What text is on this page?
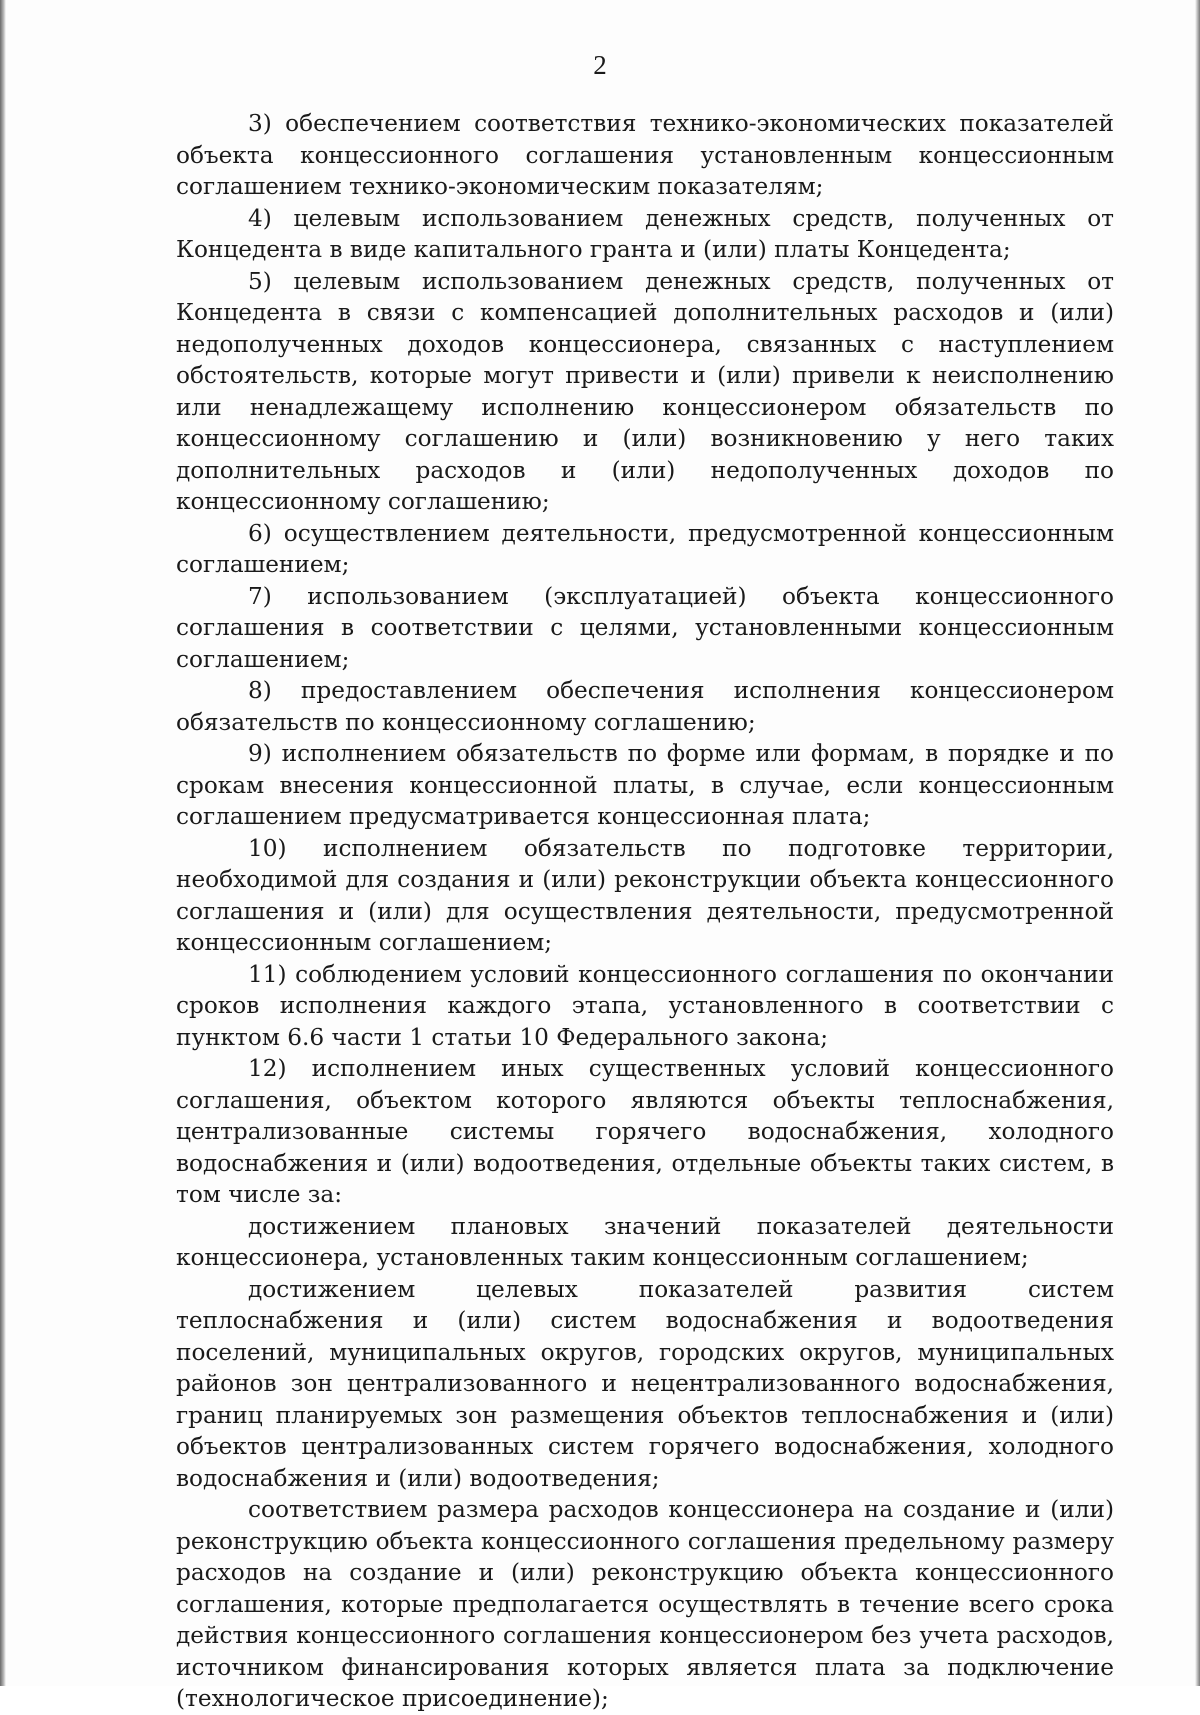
2

3) обеспечением соответствия технико-экономических показателей объекта концессионного соглашения установленным концессионным соглашением технико-экономическим показателям;

4) целевым использованием денежных средств, полученных от Концедента в виде капитального гранта и (или) платы Концедента;

5) целевым использованием денежных средств, полученных от Концедента в связи с компенсацией дополнительных расходов и (или) недополученных доходов концессионера, связанных с наступлением обстоятельств, которые могут привести и (или) привели к неисполнению или ненадлежащему исполнению концессионером обязательств по концессионному соглашению и (или) возникновению у него таких дополнительных расходов и (или) недополученных доходов по концессионному соглашению;

6) осуществлением деятельности, предусмотренной концессионным соглашением;

7) использованием (эксплуатацией) объекта концессионного соглашения в соответствии с целями, установленными концессионным соглашением;

8) предоставлением обеспечения исполнения концессионером обязательств по концессионному соглашению;

9) исполнением обязательств по форме или формам, в порядке и по срокам внесения концессионной платы, в случае, если концессионным соглашением предусматривается концессионная плата;

10) исполнением обязательств по подготовке территории, необходимой для создания и (или) реконструкции объекта концессионного соглашения и (или) для осуществления деятельности, предусмотренной концессионным соглашением;

11) соблюдением условий концессионного соглашения по окончании сроков исполнения каждого этапа, установленного в соответствии с пунктом 6.6 части 1 статьи 10 Федерального закона;

12) исполнением иных существенных условий концессионного соглашения, объектом которого являются объекты теплоснабжения, централизованные системы горячего водоснабжения, холодного водоснабжения и (или) водоотведения, отдельные объекты таких систем, в том числе за:

достижением плановых значений показателей деятельности концессионера, установленных таким концессионным соглашением;

достижением целевых показателей развития систем теплоснабжения и (или) систем водоснабжения и водоотведения поселений, муниципальных округов, городских округов, муниципальных районов зон централизованного и нецентрализованного водоснабжения, границ планируемых зон размещения объектов теплоснабжения и (или) объектов централизованных систем горячего водоснабжения, холодного водоснабжения и (или) водоотведения;

соответствием размера расходов концессионера на создание и (или) реконструкцию объекта концессионного соглашения предельному размеру расходов на создание и (или) реконструкцию объекта концессионного соглашения, которые предполагается осуществлять в течение всего срока действия концессионного соглашения концессионером без учета расходов, источником финансирования которых является плата за подключение (технологическое присоединение);
